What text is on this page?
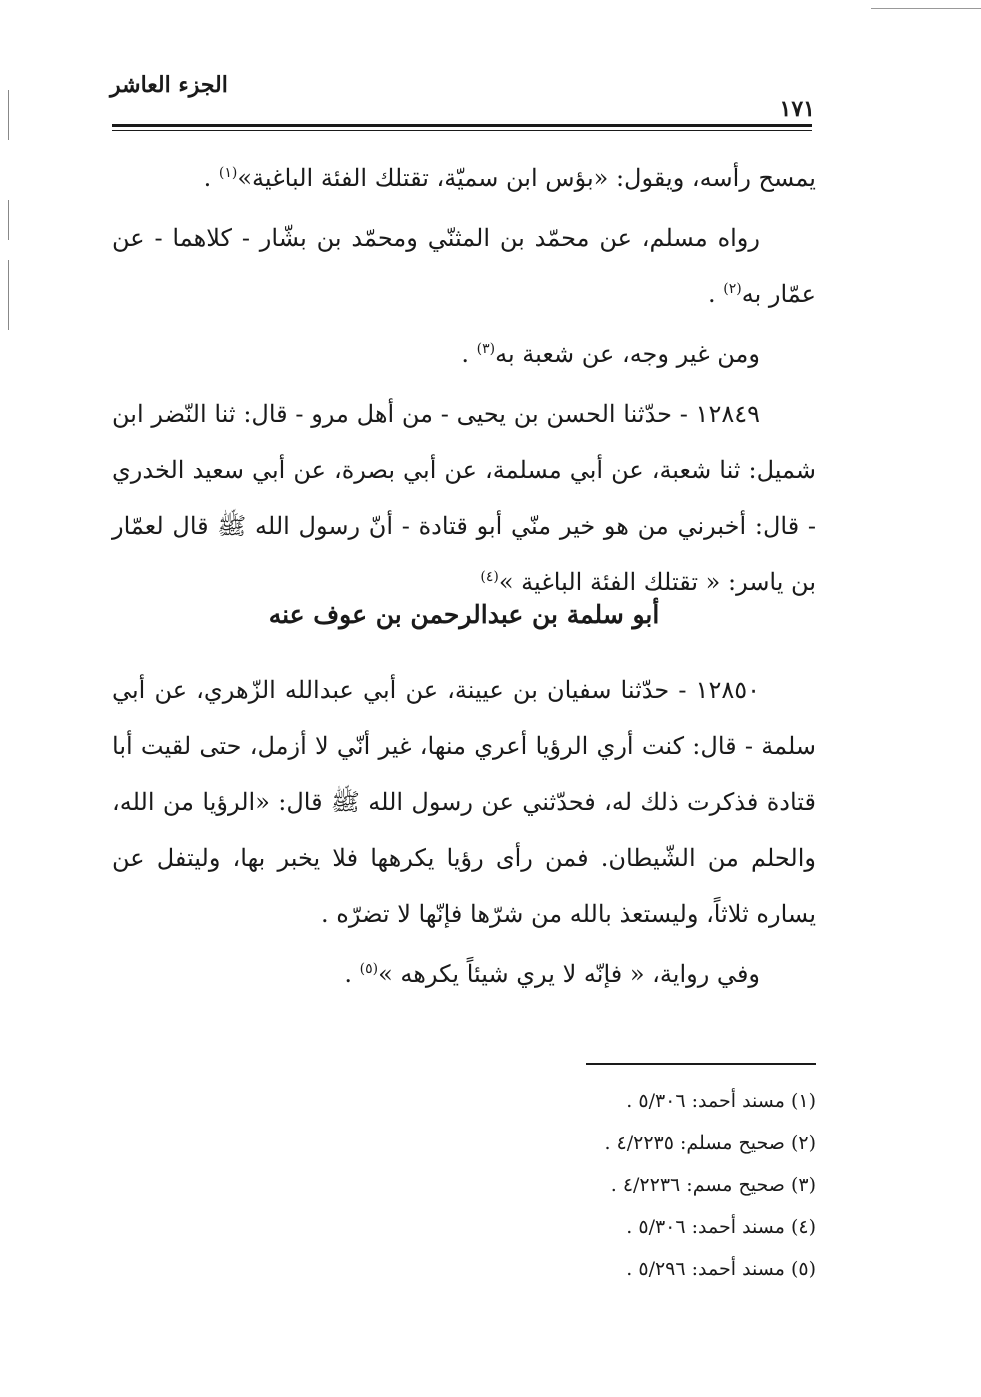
الجزء العاشر
١٧١

يمسح رأسه، ويقول: «بؤس ابن سميّة، تقتلك الفئة الباغية»$^{(١)}$ .

رواه مسلم، عن محمّد بن المثنّي ومحمّد بن بشّار - كلاهما - عن عمّار به$^{(٢)}$ .

ومن غير وجه، عن شعبة به$^{(٣)}$ .

١٢٨٤٩ - حدّثنا الحسن بن يحيى - من أهل مرو - قال: ثنا النّضر ابن شميل: ثنا شعبة، عن أبي مسلمة، عن أبي بصرة، عن أبي سعيد الخدري - قال: أخبرني من هو خير منّي أبو قتادة - أنّ رسول الله ﷺ قال لعمّار بن ياسر: « تقتلك الفئة الباغية »$^{(٤)}$

أبو سلمة بن عبدالرحمن بن عوف عنه

١٢٨٥٠ - حدّثنا سفيان بن عيينة، عن أبي عبدالله الزّهري، عن أبي سلمة - قال: كنت أري الرؤيا أعري منها، غير أنّي لا أزمل، حتى لقيت أبا قتادة فذكرت ذلك له، فحدّثني عن رسول الله ﷺ قال: «الرؤيا من الله، والحلم من الشّيطان. فمن رأى رؤيا يكرهها فلا يخبر بها، وليتفل عن يساره ثلاثاً، وليستعذ بالله من شرّها فإنّها لا تضرّه .

وفي رواية، « فإنّه لا يري شيئاً يكرهه »$^{(٥)}$ .

(١) مسند أحمد: ٥/٣٠٦ .
(٢) صحيح مسلم: ٤/٢٢٣٥ .
(٣) صحيح مسم: ٤/٢٢٣٦ .
(٤) مسند أحمد: ٥/٣٠٦ .
(٥) مسند أحمد: ٥/٢٩٦ .
